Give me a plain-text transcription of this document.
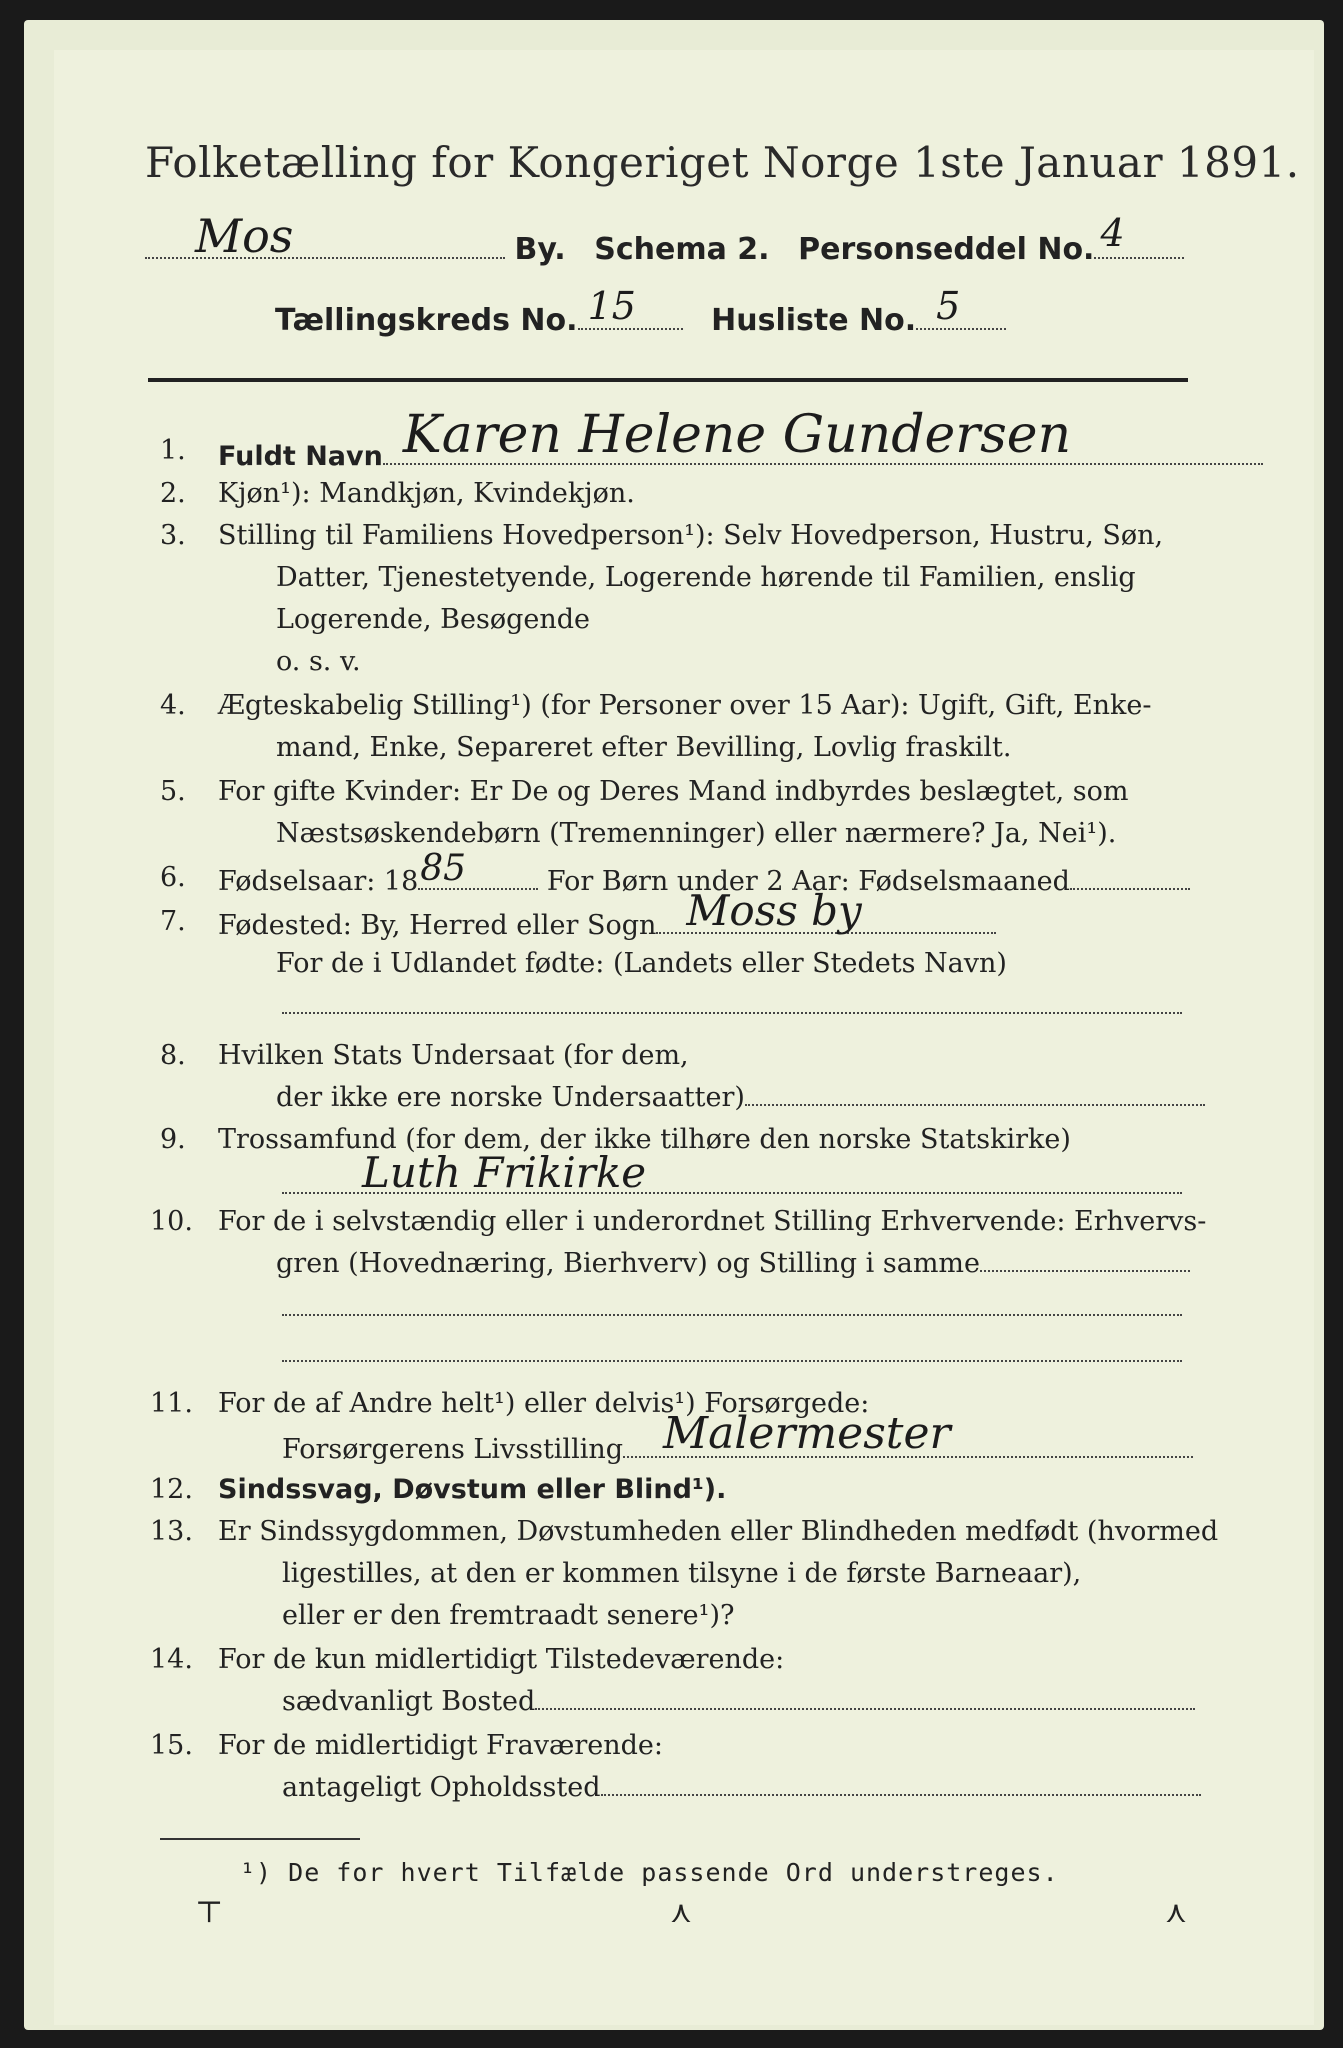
Folketælling for Kongeriget Norge 1ste Januar 1891.
Mos	By. Schema 2. Personseddel No. 4
Tællingskreds No. 15	Husliste No. 5
1. Fuldt Navn Karen Helene Gundersen
2. Kjøn¹): Mandkjøn, Kvindekjøn.
3. Stilling til Familiens Hovedperson¹): Selv Hovedperson, Hustru, Søn,
Datter, Tjenestetyende, Logerende hørende til Familien, enslig
Logerende, Besøgende
o. s. v.
4. Ægteskabelig Stilling¹) (for Personer over 15 Aar): Ugift, Gift, Enke-
mand, Enke, Separeret efter Bevilling, Lovlig fraskilt.
5. For gifte Kvinder: Er De og Deres Mand indbyrdes beslægtet, som
Næstsøskendebørn (Tremenninger) eller nærmere? Ja, Nei¹).
6. Fødselsaar: 18 85	For Børn under 2 Aar: Fødselsmaaned
7. Fødested: By, Herred eller Sogn Moss by
For de i Udlandet fødte: (Landets eller Stedets Navn)
8. Hvilken Stats Undersaat (for dem,
der ikke ere norske Undersaatter)
9. Trossamfund (for dem, der ikke tilhøre den norske Statskirke)
Luth Frikirke
10. For de i selvstændig eller i underordnet Stilling Erhvervende: Erhvervs-
gren (Hovednæring, Bierhverv) og Stilling i samme
11. For de af Andre helt¹) eller delvis¹) Forsørgede:
Forsørgerens Livsstilling Malermester
12. Sindssvag, Døvstum eller Blind¹).
13. Er Sindssygdommen, Døvstumheden eller Blindheden medfødt (hvormed
ligestilles, at den er kommen tilsyne i de første Barneaar),
eller er den fremtraadt senere¹)?
14. For de kun midlertidigt Tilstedeværende:
sædvanligt Bosted
15. For de midlertidigt Fraværende:
antageligt Opholdssted
¹) De for hvert Tilfælde passende Ord understreges.
⊤	⋏	⋏
